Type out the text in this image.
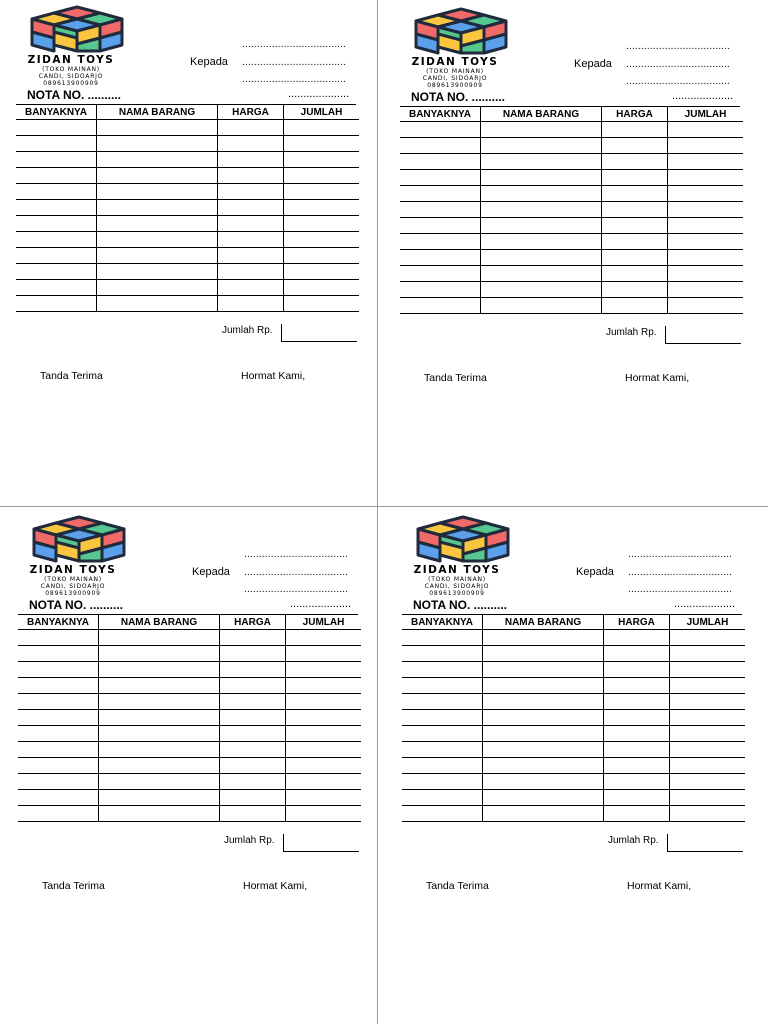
ZIDAN TOYS
(TOKO MAINAN)
CANDI, SIDOARJO
089613900909
...................................
Kepada ...................................
...................................
NOTA NO. ..........	....................
BANYAKNYA	NAMA BARANG	HARGA	JUMLAH

Jumlah Rp.
Tanda Terima	Hormat Kami,
ZIDAN TOYS
(TOKO MAINAN)
CANDI, SIDOARJO
089613900909
...................................
Kepada ...................................
...................................
NOTA NO. ..........	....................
BANYAKNYA	NAMA BARANG	HARGA	JUMLAH

Jumlah Rp.
Tanda Terima	Hormat Kami,
ZIDAN TOYS
(TOKO MAINAN)
CANDI, SIDOARJO
089613900909
...................................
Kepada ...................................
...................................
NOTA NO. ..........	....................
BANYAKNYA	NAMA BARANG	HARGA	JUMLAH

Jumlah Rp.
Tanda Terima	Hormat Kami,
ZIDAN TOYS
(TOKO MAINAN)
CANDI, SIDOARJO
089613900909
...................................
Kepada ...................................
...................................
NOTA NO. ..........	....................
BANYAKNYA	NAMA BARANG	HARGA	JUMLAH

Jumlah Rp.
Tanda Terima	Hormat Kami,
